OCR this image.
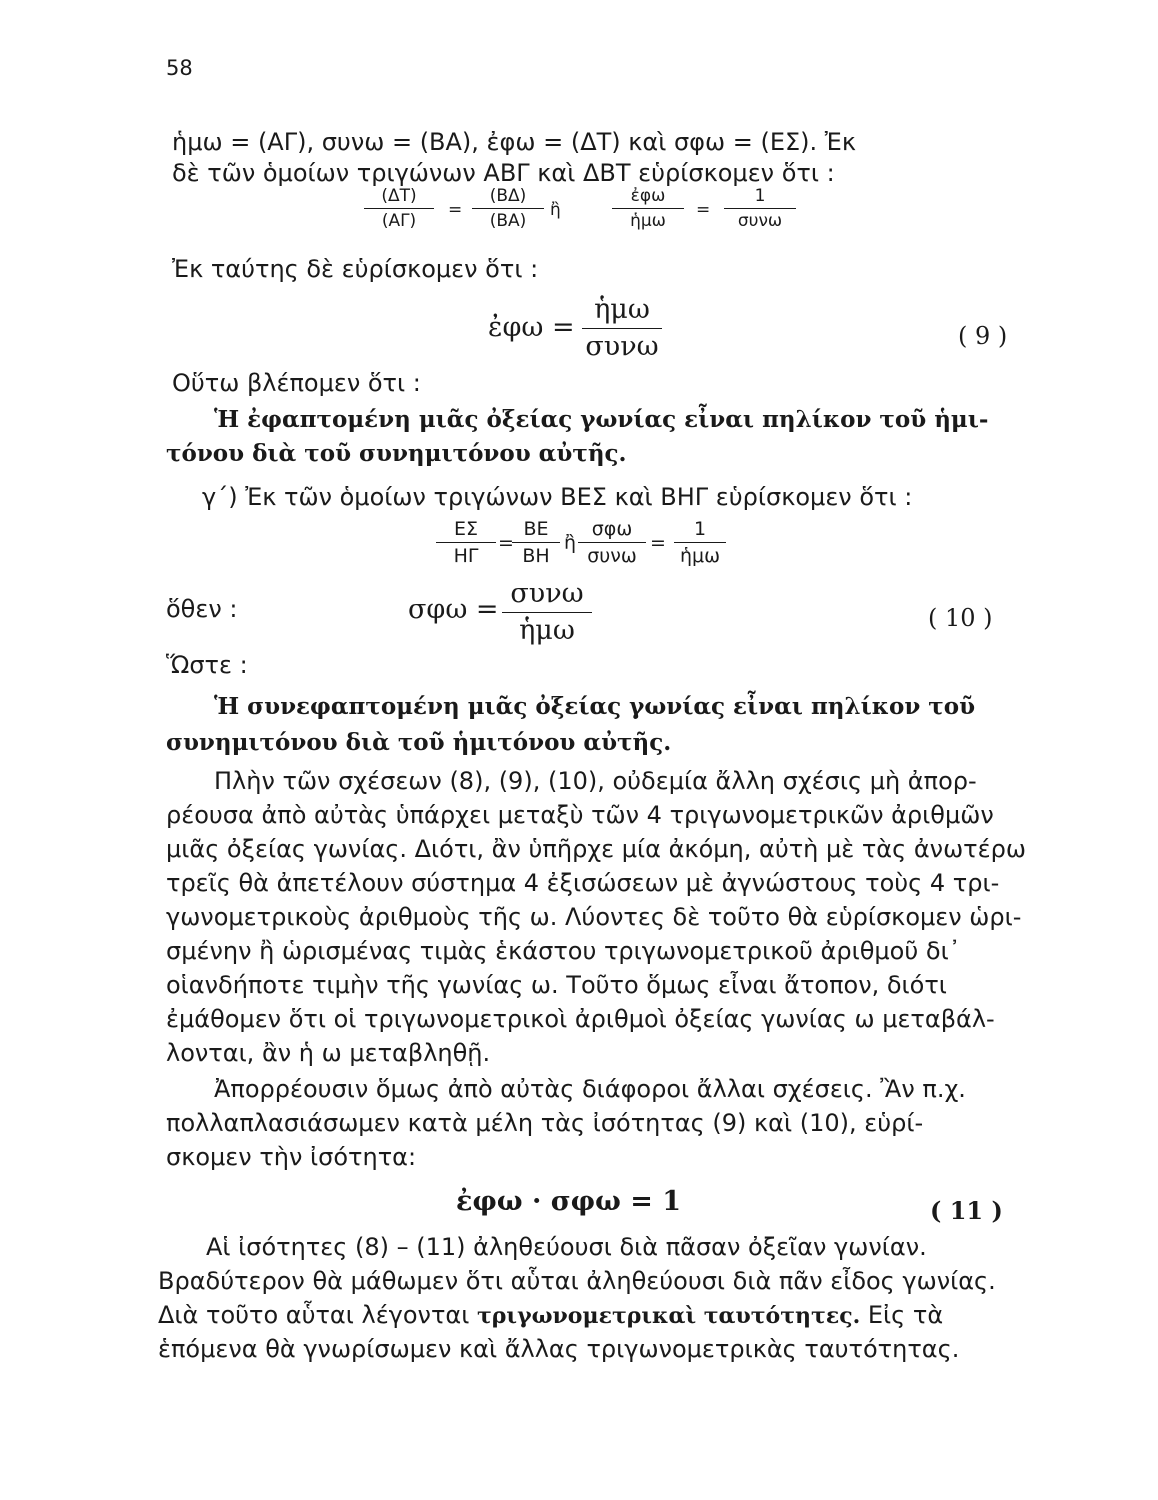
58
ἡμω = (ΑΓ), συνω = (ΒΑ), ἐφω = (ΔΤ) καὶ σφω = (ΕΣ). Ἐκ
δὲ τῶν ὁμοίων τριγώνων ΑΒΓ καὶ ΔΒΤ εὑρίσκομεν ὅτι :
$\frac{(\Delta T)}{(A\Gamma)} = \frac{(B\Delta)}{(BA)}$ ἢ
ἐφω
ἡμω
=
1
συνω
Ἐκ ταύτης δὲ εὑρίσκομεν ὅτι :
ἐφω =
ἡμω
συνω	( 9 )
Οὕτω βλέπομεν ὅτι :
Ἡ ἐφαπτομένη μιᾶς ὀξείας γωνίας εἶναι πηλίκον τοῦ ἡμι-
τόνου διὰ τοῦ συνημιτόνου αὐτῆς.
γ΄) Ἐκ τῶν ὁμοίων τριγώνων ΒΕΣ καὶ ΒΗΓ εὑρίσκομεν ὅτι :
$\frac{E\Sigma}{H\Gamma}$ =
$\frac{BE}{BH}$ ἢ
σφω
συνω
=
1
ἡμω
ὅθεν :	σφω =
συνω
ἡμω	( 10 )
Ὥστε :
Ἡ συνεφαπτομένη μιᾶς ὀξείας γωνίας εἶναι πηλίκον τοῦ
συνημιτόνου διὰ τοῦ ἡμιτόνου αὐτῆς.
Πλὴν τῶν σχέσεων (8), (9), (10), οὐδεμία ἄλλη σχέσις μὴ ἀπορ-
ρέουσα ἀπὸ αὐτὰς ὑπάρχει μεταξὺ τῶν 4 τριγωνομετρικῶν ἀριθμῶν
μιᾶς ὀξείας γωνίας. Διότι, ἂν ὑπῆρχε μία ἀκόμη, αὐτὴ μὲ τὰς ἀνωτέρω
τρεῖς θὰ ἀπετέλουν σύστημα 4 ἐξισώσεων μὲ ἀγνώστους τοὺς 4 τρι-
γωνομετρικοὺς ἀριθμοὺς τῆς ω. Λύοντες δὲ τοῦτο θὰ εὑρίσκομεν ὡρι-
σμένην ἢ ὡρισμένας τιμὰς ἑκάστου τριγωνομετρικοῦ ἀριθμοῦ δι᾿
οἱανδήποτε τιμὴν τῆς γωνίας ω. Τοῦτο ὅμως εἶναι ἄτοπον, διότι
ἐμάθομεν ὅτι οἱ τριγωνομετρικοὶ ἀριθμοὶ ὀξείας γωνίας ω μεταβάλ-
λονται, ἂν ἡ ω μεταβληθῇ.
Ἀπορρέουσιν ὅμως ἀπὸ αὐτὰς διάφοροι ἄλλαι σχέσεις. Ἂν π.χ.
πολλαπλασιάσωμεν κατὰ μέλη τὰς ἰσότητας (9) καὶ (10), εὑρί-
σκομεν τὴν ἰσότητα:
ἐφω · σφω = 1	( 11 )
Αἱ ἰσότητες (8) – (11) ἀληθεύουσι διὰ πᾶσαν ὀξεῖαν γωνίαν.
Βραδύτερον θὰ μάθωμεν ὅτι αὗται ἀληθεύουσι διὰ πᾶν εἶδος γωνίας.
Διὰ τοῦτο αὗται λέγονται τριγωνομετρικαὶ ταυτότητες. Εἰς τὰ
ἑπόμενα θὰ γνωρίσωμεν καὶ ἄλλας τριγωνομετρικὰς ταυτότητας.
